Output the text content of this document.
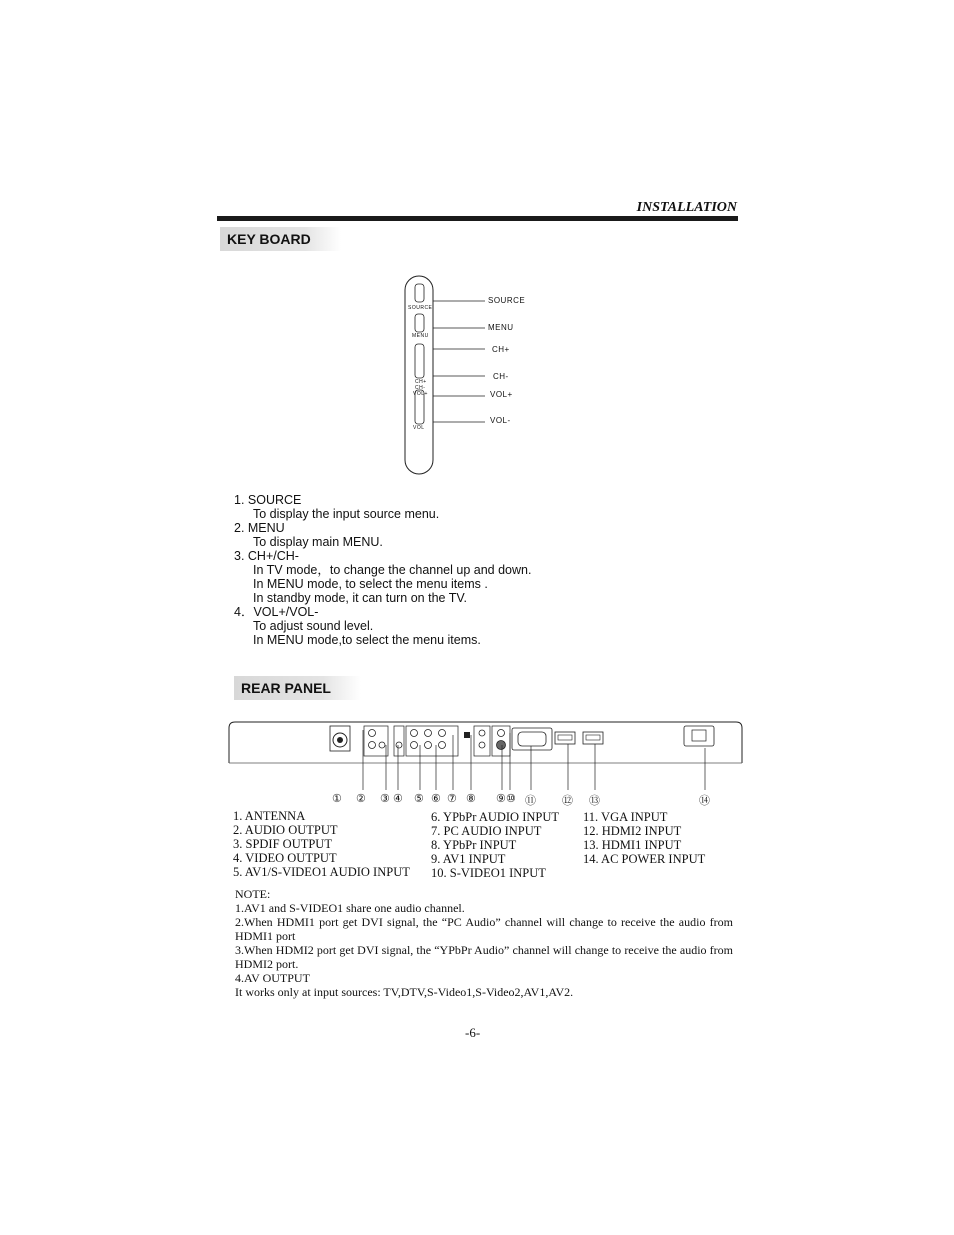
INSTALLATION
KEY BOARD
SOURCE
MENU
CH+
CH-
VOL+
VOL
SOURCE
MENU
CH+
CH-
VOL+
VOL-
1. SOURCE
To display the input source menu.
2. MENU
To display main MENU.
3. CH+/CH-
In TV mode，to change the channel up and down.
In MENU mode, to select the menu items .
In standby mode, it can turn on the TV.
4．VOL+/VOL-
To adjust sound level.
In MENU mode,to select the menu items.
REAR PANEL
① ② ③ ④ ⑤ ⑥ ⑦ ⑧ ⑨ ⑩ ⑪ ⑫ ⑬	⑭
1. ANTENNA
2. AUDIO OUTPUT
3. SPDIF OUTPUT
4. VIDEO OUTPUT
5. AV1/S-VIDEO1 AUDIO INPUT
6. YPbPr AUDIO INPUT
7. PC AUDIO INPUT
8. YPbPr INPUT
9. AV1 INPUT
10. S-VIDEO1 INPUT
11. VGA INPUT
12. HDMI2 INPUT
13. HDMI1 INPUT
14. AC POWER INPUT
NOTE:
1.AV1 and S-VIDEO1 share one audio channel.
2.When HDMI1 port get DVI signal, the “PC Audio” channel will change to receive the audio from HDMI1 port
3.When HDMI2 port get DVI signal, the “YPbPr Audio” channel will change to receive the audio from HDMI2 port.
4.AV OUTPUT
It works only at input sources: TV,DTV,S-Video1,S-Video2,AV1,AV2.
-6-
